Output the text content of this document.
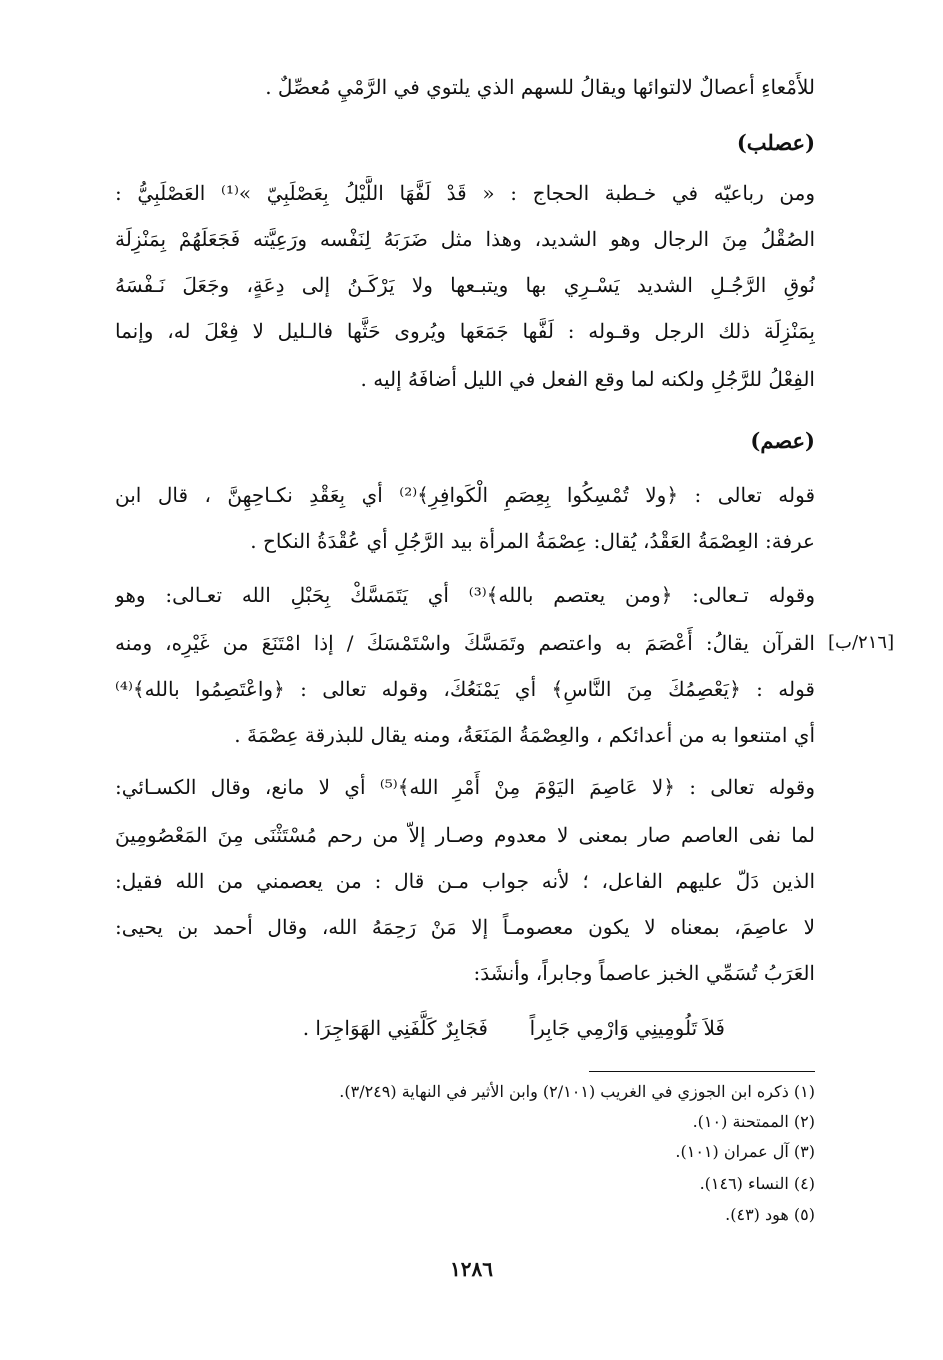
للأَمْعاءِ أعصالٌ لالتوائها ويقالُ للسهم الذي يلتوي في الرَّمْيِ مُعصِّلٌ .
(عصلب)
ومن رباعيّه في خـطبة الحجاج : « قَدْ لَفَّهَا اللَّيْلُ بِعَصْلَبِيّ »⁽¹⁾ العَصْلَبِيُّ :
الصُقْلُ مِنَ الرجال وهو الشديد، وهذا مثل ضَرَبَهُ لِنَفْسه ورَعِيَّته فَجَعَلَهُمْ بِمَنْزِلَة
نُوقِ الرَّجُـلِ الشديد يَسْـرِي بها ويتبـعها ولا يَرْكَـنُ إلى دِعَةٍ، وجَعَلَ نَـفْسَهُ
بِمَنْزِلَة ذلك الرجل وقـوله : لَفَّها جَمَعَها ويُروى حَثَّها فالـليل لا فِعْلَ له، وإنما
الفِعْلُ للرَّجُلِ ولكنه لما وقع الفعل في الليل أضافَهُ إليه .
(عصم)
قوله تعالى : ﴿ولا تُمْسِكُوا بِعِصَمِ الْكَوافِرِ﴾⁽²⁾ أي بِعَقْدِ نكـاحِهِنَّ ، قال ابن
عرفة: العِصْمَةُ العَقْدُ، يُقال: عِصْمَةُ المرأة بيد الرَّجُلِ أي عُقْدَةُ النكاح .
وقوله تـعالى: ﴿ومن يعتصم بالله﴾⁽³⁾ أي يَتَمَسَّكْ بِحَبْلِ الله تعـالى: وهو
القرآن يقالُ: أَعْصَمَ به واعتصم وتَمَسَّكَ واسْتَمْسَكَ / إذا امْتَنَعَ من غَيْرِه، ومنه
قوله : ﴿يَعْصِمُكَ مِنَ النَّاسِ﴾ أي يَمْنَعُكَ، وقوله تعالى : ﴿واعْتَصِمُوا بالله﴾⁽⁴⁾
أي امتنعوا به من أعدائكم ، والعِصْمَةُ المَنَعَةُ، ومنه يقال للبذرقة عِصْمَةَ .
وقوله تعالى : ﴿لا عَاصِمَ اليَوْمَ مِنْ أَمْرِ الله﴾⁽⁵⁾ أي لا مانع، وقال الكسـائي:
لما نفى العاصم صار بمعنى لا معدوم وصـار إلاّ من رحم مُسْتَثْنَى مِنَ المَعْصُومِينَ
الذين دَلّ عليهم الفاعل، ؛ لأنه جواب مـن قال : من يعصمني من الله فقيل:
لا عاصِمَ، بمعناه لا يكون معصومـاً إلا مَنْ رَحِمَهُ الله، وقال أحمد بن يحيى:
العَرَبُ تُسَمِّي الخبز عاصماً وجابراً، وأنشَدَ:
[٢١٦/ب]
فَلاَ تَلُومِينِي وَارْمِي جَابِراً
فَجَابِرٌ كَلَّفَنِي الهَوَاجِرَا .
(١) ذكره ابن الجوزي في الغريب (٢/١٠١) وابن الأثير في النهاية (٣/٢٤٩).
(٢) الممتحنة (١٠).
(٣) آل عمران (١٠١).
(٤) النساء (١٤٦).
(٥) هود (٤٣).
١٢٨٦
